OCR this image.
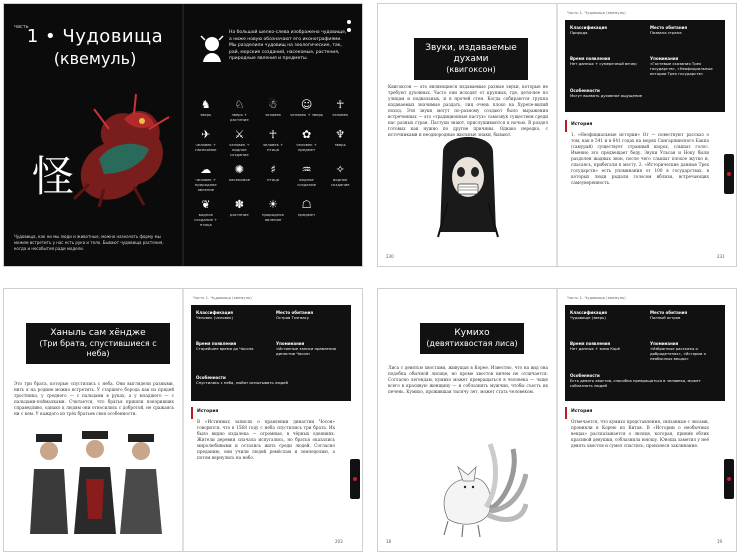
часть
1 • Чудовища
(квемуль)
怪
Чудовища, как ни мы люди и животные, можно назначать форму мы можем встретить у нас есть рука и тело. Бывают чудовища растения, когда и несобытия ради модели.
На большой шелко-слева изображено чудовище, а ниже новую обозначают его иконографиями. Мы разделили чудовищ на зоологические, так, рай, морские созданий, насекомые, растения, природные явления и предметы.
♞
зверь
♘
зверь + растение
☃
человек
☺
человек + зверь
☥
человек
✈
человек + насекомое
⚔
человек + водное создание
☥
человек + птица
✿
человек + предмет
♆
зверь
☁
человек + природное явление
✺
насекомое
♯
птица
♒
водное создание
✧
водное создание
❦
водное создание + птица
✽
растение
☀
природное явление
☖
предмет
Звуки, издаваемые духами
(квигоксон)
Квигоксон — это являющиеся издаваемые разные звуки, которые не требуют духовных. Часто они исходят от крупных, где, дети-нее по улицам и подвальных, и в прочей стен. Когда собираются группа издаваемых значимые раздать, лиц очень плохо на Хуреле-вилий поход. Эти звуки могут по-разному создают было выражения встреченных — это «традиционные пастух» самозвук существом среди нас разных стран. Пастухи знают, прислушиваются к ночью. В раздел готовых как нужно по другие причины. Однако нередко, с источниками и неоднородные жильные знаки, бывают.
230
Часть 1. Чудовища (квемуль)
Классификация
Природа
Место обитания
Позвала страна
Время появления
Нет данных + сумеречный вечер
Упоминания
«Гостевые сказания Трех государств», «Неофициальные истории Трех государств»
Особенности
Могут вызвать духовное ощущение
История
1. «Неофициальные истории» От — повествуют рассказ о том, как в 541 и в 641 годах на морях Сангарпинского Бакпа (самурай) существует странный шорох, слышат голос. Именно это предвещает беду. Звуки Ульсан и Ноку были раздолен жадных звон, после чего слышат плохое жутко и, спасаясь, прибегали к месту. 2. «Исторические данные Трех государств» есть упоминания от 100 в государствах, в которых люди рыдали голосом вблизи, встречающих самоуверенность.
231
Ханыль сам хёндже
(Три брата, спустившиеся с неба)
Это три брата, которые спустились с неба. Они выглядели разными, нить я на родине можно встретить. У старшего борода как из прядей тростника, у среднего — с пальцами в руках, а у младшего — с пальцами-поймалками. Считается, что братья пришли покоривших справедливо, однако к людям они относились с добротой, не сражаясь ни с кем. У каждого из трёх братьев свои особенности.
Часть 1. Чудовища (квемуль)
Классификация
Человек (человек)
Место обитания
Остров Тхэгвасу
Время появления
Старейшее время до Чосона
Упоминания
«Истинные записи правления династии Чосон»
Особенности
Спустились с неба, любят испытывать людей
История
В «Истинных записях о правлении династии Чосон» говорится, что в 1568 году с неба спустились три брата. Их было видно издалека — огромные, в чёрных одеяниях. Жители деревни сначала испугались, но братья оказались миролюбивыми и остались жить среди людей. Согласно преданию, они учили людей ремёслам и земледелию, а потом вернулись на небо.
203
Кумихо
(девятихвостая лиса)
Лиса с девятью хвостами, живущая в Корее. Известно, что на вид она подобна обычной лисице, но кроме хвостов ничем не отличается. Согласно легендам, кумихо может превращаться в человека — чаще всего в красивую женщину — и соблазнять мужчин, чтобы съесть их печень. Кумихо, прожившая тысячу лет, может стать человеком.
18
Часть 1. Чудовища (квемуль)
Классификация
Чудовище (зверь)
Место обитания
Полный остров
Время появления
Нет данных + зима Корё
Упоминания
«Избранные рассказы о добродетелях», «Истории о необычных вещах»
Особенности
Есть девять хвостов, способна превращаться в человека, может соблазнять людей
История
Отмечается, что кумихо представления, связанные с лисами, проникли в Корею из Китая. В «Истории о необычных вещах» рассказывается о лисице, которая, приняв облик красивой девушки, соблазнила юношу. Юноша заметил у неё девять хвостов и сумел спастись, произнеся заклинание.
19
